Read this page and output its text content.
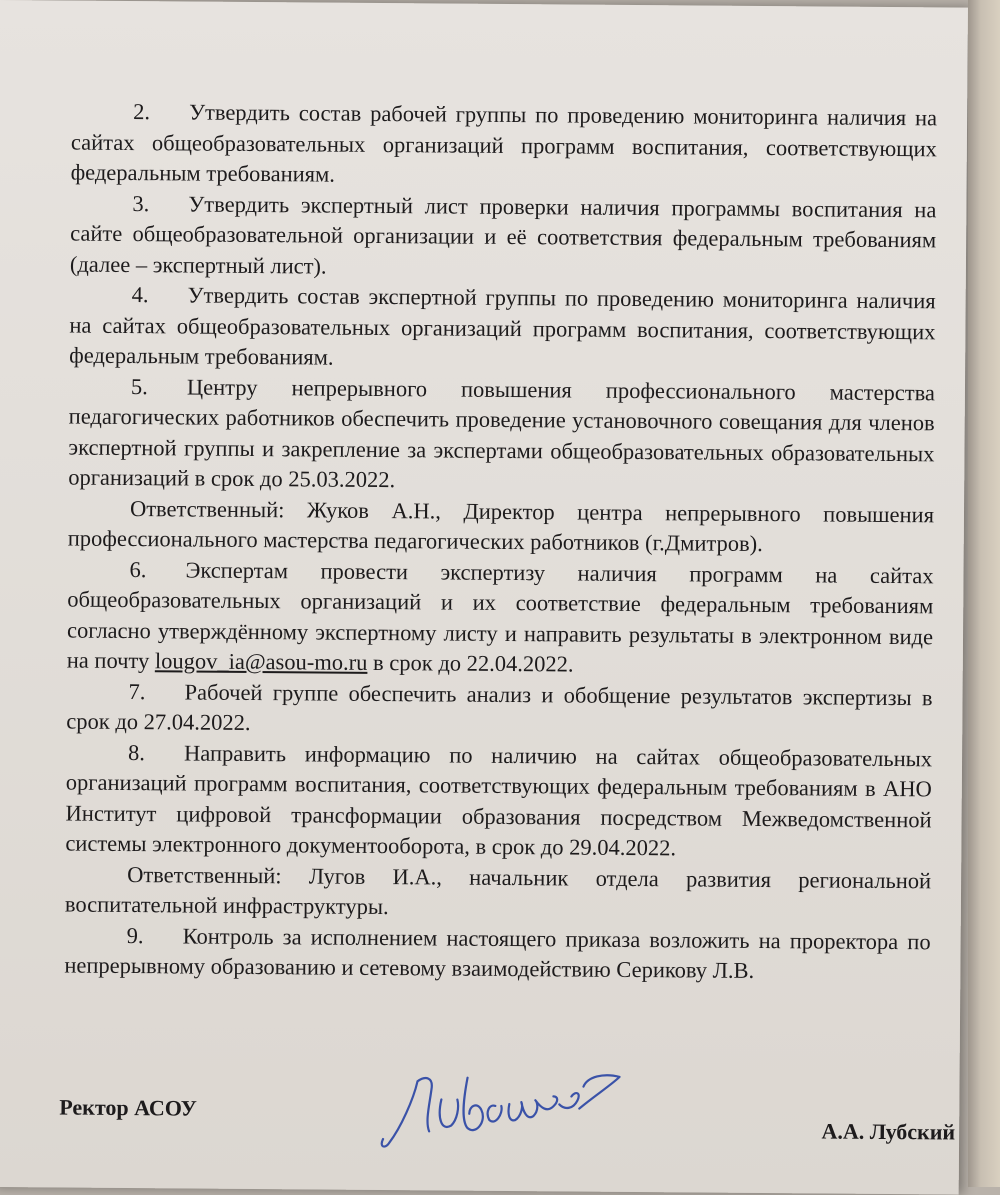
2. Утвердить состав рабочей группы по проведению мониторинга наличия на сайтах общеобразовательных организаций программ воспитания, соответствующих федеральным требованиям.

3. Утвердить экспертный лист проверки наличия программы воспитания на сайте общеобразовательной организации и её соответствия федеральным требованиям (далее – экспертный лист).

4. Утвердить состав экспертной группы по проведению мониторинга наличия на сайтах общеобразовательных организаций программ воспитания, соответствующих федеральным требованиям.

5. Центру непрерывного повышения профессионального мастерства педагогических работников обеспечить проведение установочного совещания для членов экспертной группы и закрепление за экспертами общеобразовательных образовательных организаций в срок до 25.03.2022.

Ответственный: Жуков А.Н., Директор центра непрерывного повышения профессионального мастерства педагогических работников (г.Дмитров).

6. Экспертам провести экспертизу наличия программ на сайтах общеобразовательных организаций и их соответствие федеральным требованиям согласно утверждённому экспертному листу и направить результаты в электронном виде на почту lougov_ia@asou-mo.ru в срок до 22.04.2022.

7. Рабочей группе обеспечить анализ и обобщение результатов экспертизы в срок до 27.04.2022.

8. Направить информацию по наличию на сайтах общеобразовательных организаций программ воспитания, соответствующих федеральным требованиям в АНО Институт цифровой трансформации образования посредством Межведомственной системы электронного документооборота, в срок до 29.04.2022.

Ответственный: Лугов И.А., начальник отдела развития региональной воспитательной инфраструктуры.

9. Контроль за исполнением настоящего приказа возложить на проректора по непрерывному образованию и сетевому взаимодействию Серикову Л.В.

Ректор АСОУ
А.А. Лубский
